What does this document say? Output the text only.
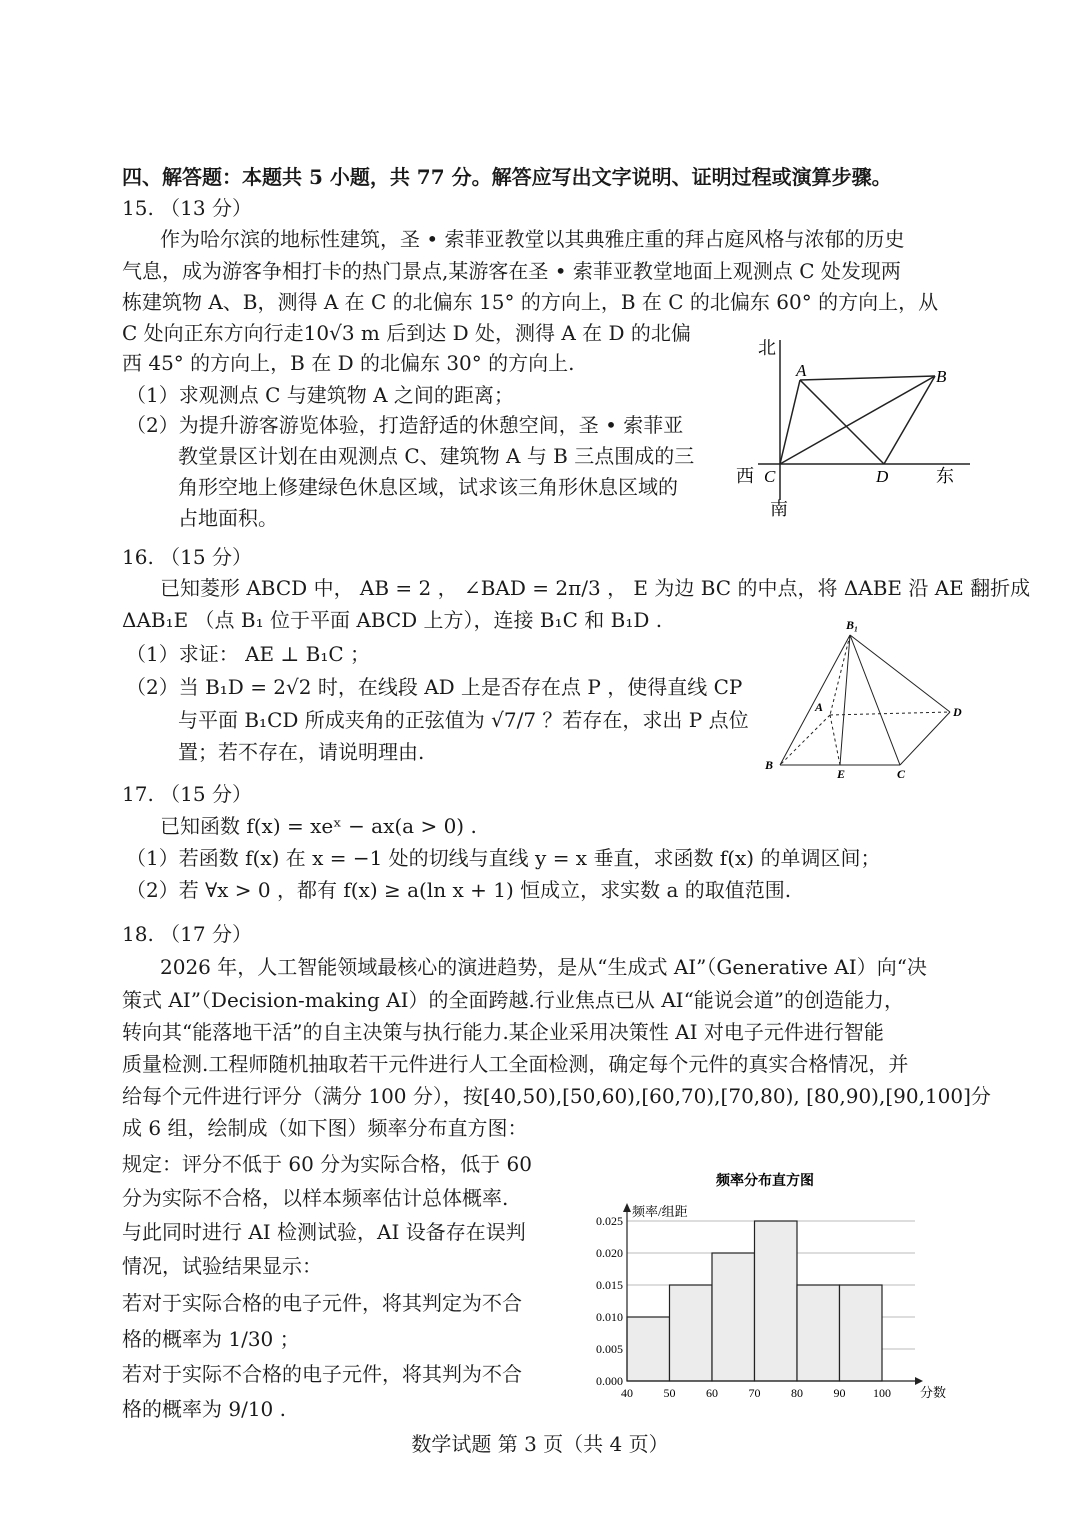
四、解答题：本题共 5 小题，共 77 分。解答应写出文字说明、证明过程或演算步骤。
15. （13 分）
作为哈尔滨的地标性建筑，圣 • 索菲亚教堂以其典雅庄重的拜占庭风格与浓郁的历史
气息，成为游客争相打卡的热门景点,某游客在圣 • 索菲亚教堂地面上观测点 C 处发现两
栋建筑物 A、B，测得 A 在 C 的北偏东 15° 的方向上，B 在 C 的北偏东 60° 的方向上，从
C 处向正东方向行走10√3 m 后到达 D 处，测得 A 在 D 的北偏
西 45° 的方向上，B 在 D 的北偏东 30° 的方向上.
（1）求观测点 C 与建筑物 A 之间的距离；
（2）为提升游客游览体验，打造舒适的休憩空间，圣 • 索菲亚
教堂景区计划在由观测点 C、建筑物 A 与 B 三点围成的三
角形空地上修建绿色休息区域，试求该三角形休息区域的
占地面积。
北
南
西	东
A	B
C	D
16. （15 分）
已知菱形 ABCD 中， AB = 2 ， ∠BAD = 2π/3 ， E 为边 BC 的中点，将 ΔABE 沿 AE 翻折成
ΔAB₁E （点 B₁ 位于平面 ABCD 上方），连接 B₁C 和 B₁D .
（1）求证： AE ⊥ B₁C ；
（2）当 B₁D = 2√2 时，在线段 AD 上是否存在点 P ，使得直线 CP
与平面 B₁CD 所成夹角的正弦值为 √7/7 ？若存在，求出 P 点位
置；若不存在，请说明理由.
B₁
A	D
B
E	C
17. （15 分）
已知函数 f(x) = xeˣ − ax(a > 0) .
（1）若函数 f(x) 在 x = −1 处的切线与直线 y = x 垂直，求函数 f(x) 的单调区间；
（2）若 ∀x > 0 ，都有 f(x) ≥ a(ln x + 1) 恒成立，求实数 a 的取值范围.
18. （17 分）
2026 年，人工智能领域最核心的演进趋势，是从“生成式 AI”（Generative AI）向“决
策式 AI”（Decision-making AI）的全面跨越.行业焦点已从 AI“能说会道”的创造能力，
转向其“能落地干活”的自主决策与执行能力.某企业采用决策性 AI 对电子元件进行智能
质量检测.工程师随机抽取若干元件进行人工全面检测，确定每个元件的真实合格情况，并
给每个元件进行评分（满分 100 分），按[40,50),[50,60),[60,70),[70,80), [80,90),[90,100]分
成 6 组，绘制成（如下图）频率分布直方图：
规定：评分不低于 60 分为实际合格，低于 60
分为实际不合格，以样本频率估计总体概率.
与此同时进行 AI 检测试验，AI 设备存在误判
情况，试验结果显示：
若对于实际合格的电子元件，将其判定为不合
格的概率为 1/30 ；
若对于实际不合格的电子元件，将其判为不合
格的概率为 9/10 .
频率分布直方图
频率/组距
分数
0.000
0.005
0.010
0.015
0.020
0.025
40	50	60	70	80	90 100
数学试题 第 3 页（共 4 页）
